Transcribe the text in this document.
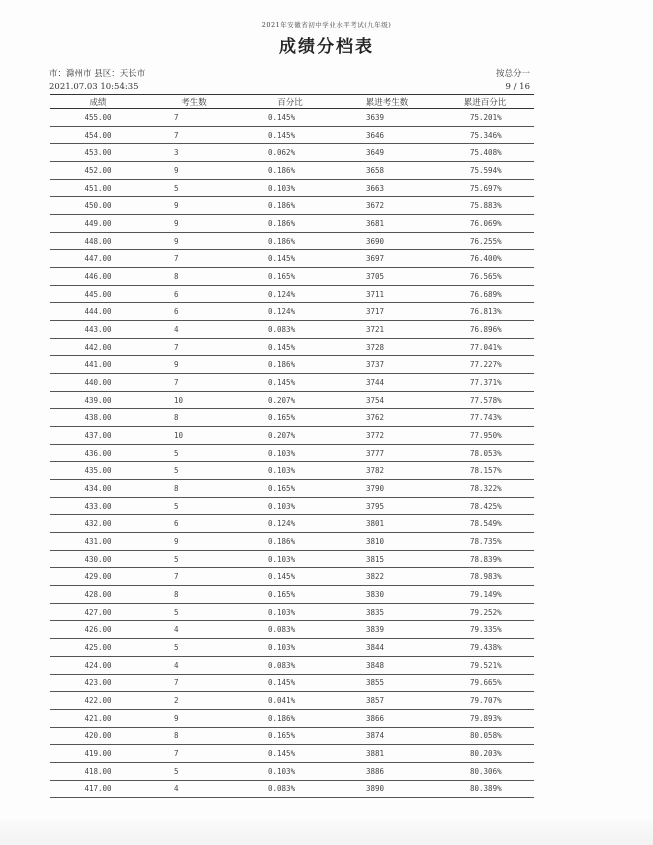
2021年安徽省初中学业水平考试(九年级)
成绩分档表
市：滁州市 县区：天长市
2021.07.03 10:54:35
按总分一
9 / 16
成绩	考生数	百分比	累进考生数	累进百分比
455.00	7	0.145%	3639	75.201%
454.00	7	0.145%	3646	75.346%
453.00	3	0.062%	3649	75.408%
452.00	9	0.186%	3658	75.594%
451.00	5	0.103%	3663	75.697%
450.00	9	0.186%	3672	75.883%
449.00	9	0.186%	3681	76.069%
448.00	9	0.186%	3690	76.255%
447.00	7	0.145%	3697	76.400%
446.00	8	0.165%	3705	76.565%
445.00	6	0.124%	3711	76.689%
444.00	6	0.124%	3717	76.813%
443.00	4	0.083%	3721	76.896%
442.00	7	0.145%	3728	77.041%
441.00	9	0.186%	3737	77.227%
440.00	7	0.145%	3744	77.371%
439.00	10	0.207%	3754	77.578%
438.00	8	0.165%	3762	77.743%
437.00	10	0.207%	3772	77.950%
436.00	5	0.103%	3777	78.053%
435.00	5	0.103%	3782	78.157%
434.00	8	0.165%	3790	78.322%
433.00	5	0.103%	3795	78.425%
432.00	6	0.124%	3801	78.549%
431.00	9	0.186%	3810	78.735%
430.00	5	0.103%	3815	78.839%
429.00	7	0.145%	3822	78.983%
428.00	8	0.165%	3830	79.149%
427.00	5	0.103%	3835	79.252%
426.00	4	0.083%	3839	79.335%
425.00	5	0.103%	3844	79.438%
424.00	4	0.083%	3848	79.521%
423.00	7	0.145%	3855	79.665%
422.00	2	0.041%	3857	79.707%
421.00	9	0.186%	3866	79.893%
420.00	8	0.165%	3874	80.058%
419.00	7	0.145%	3881	80.203%
418.00	5	0.103%	3886	80.306%
417.00	4	0.083%	3890	80.389%
